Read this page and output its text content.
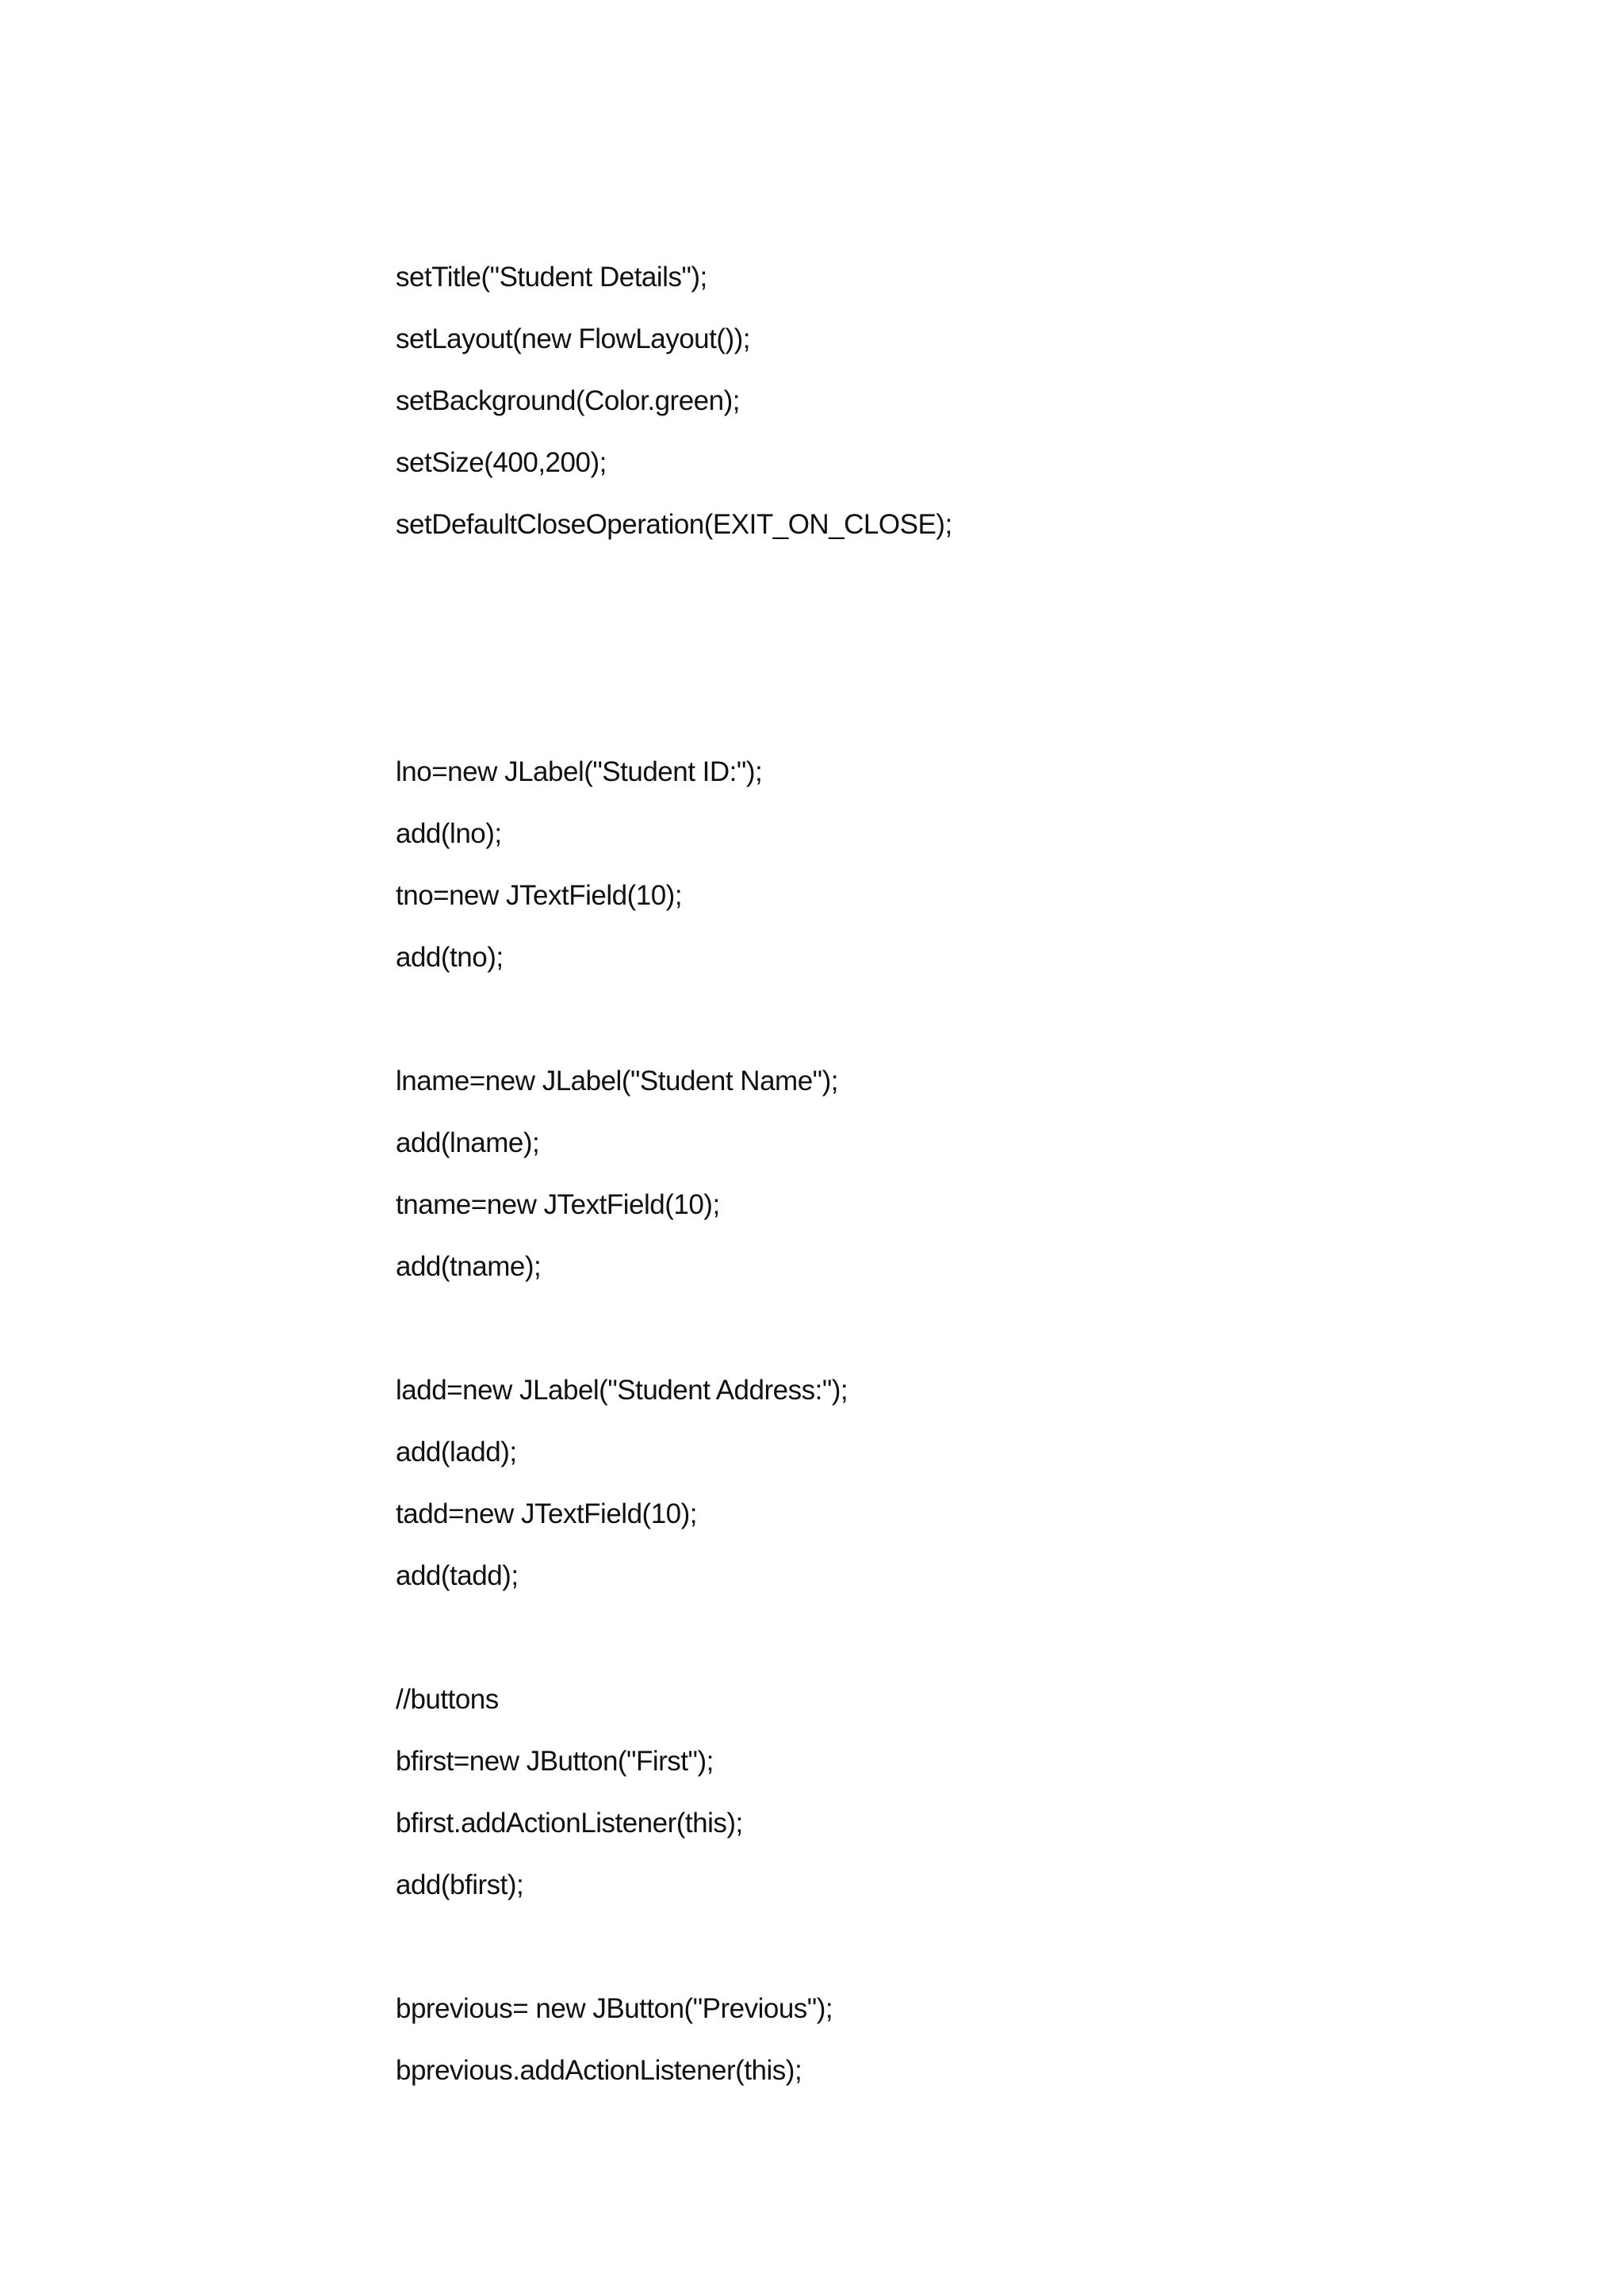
setTitle("Student Details");
setLayout(new FlowLayout());
setBackground(Color.green);
setSize(400,200);
setDefaultCloseOperation(EXIT_ON_CLOSE);
lno=new JLabel("Student ID:");
add(lno);
tno=new JTextField(10);
add(tno);
lname=new JLabel("Student Name");
add(lname);
tname=new JTextField(10);
add(tname);
ladd=new JLabel("Student Address:");
add(ladd);
tadd=new JTextField(10);
add(tadd);
//buttons
bfirst=new JButton("First");
bfirst.addActionListener(this);
add(bfirst);
bprevious= new JButton("Previous");
bprevious.addActionListener(this);
